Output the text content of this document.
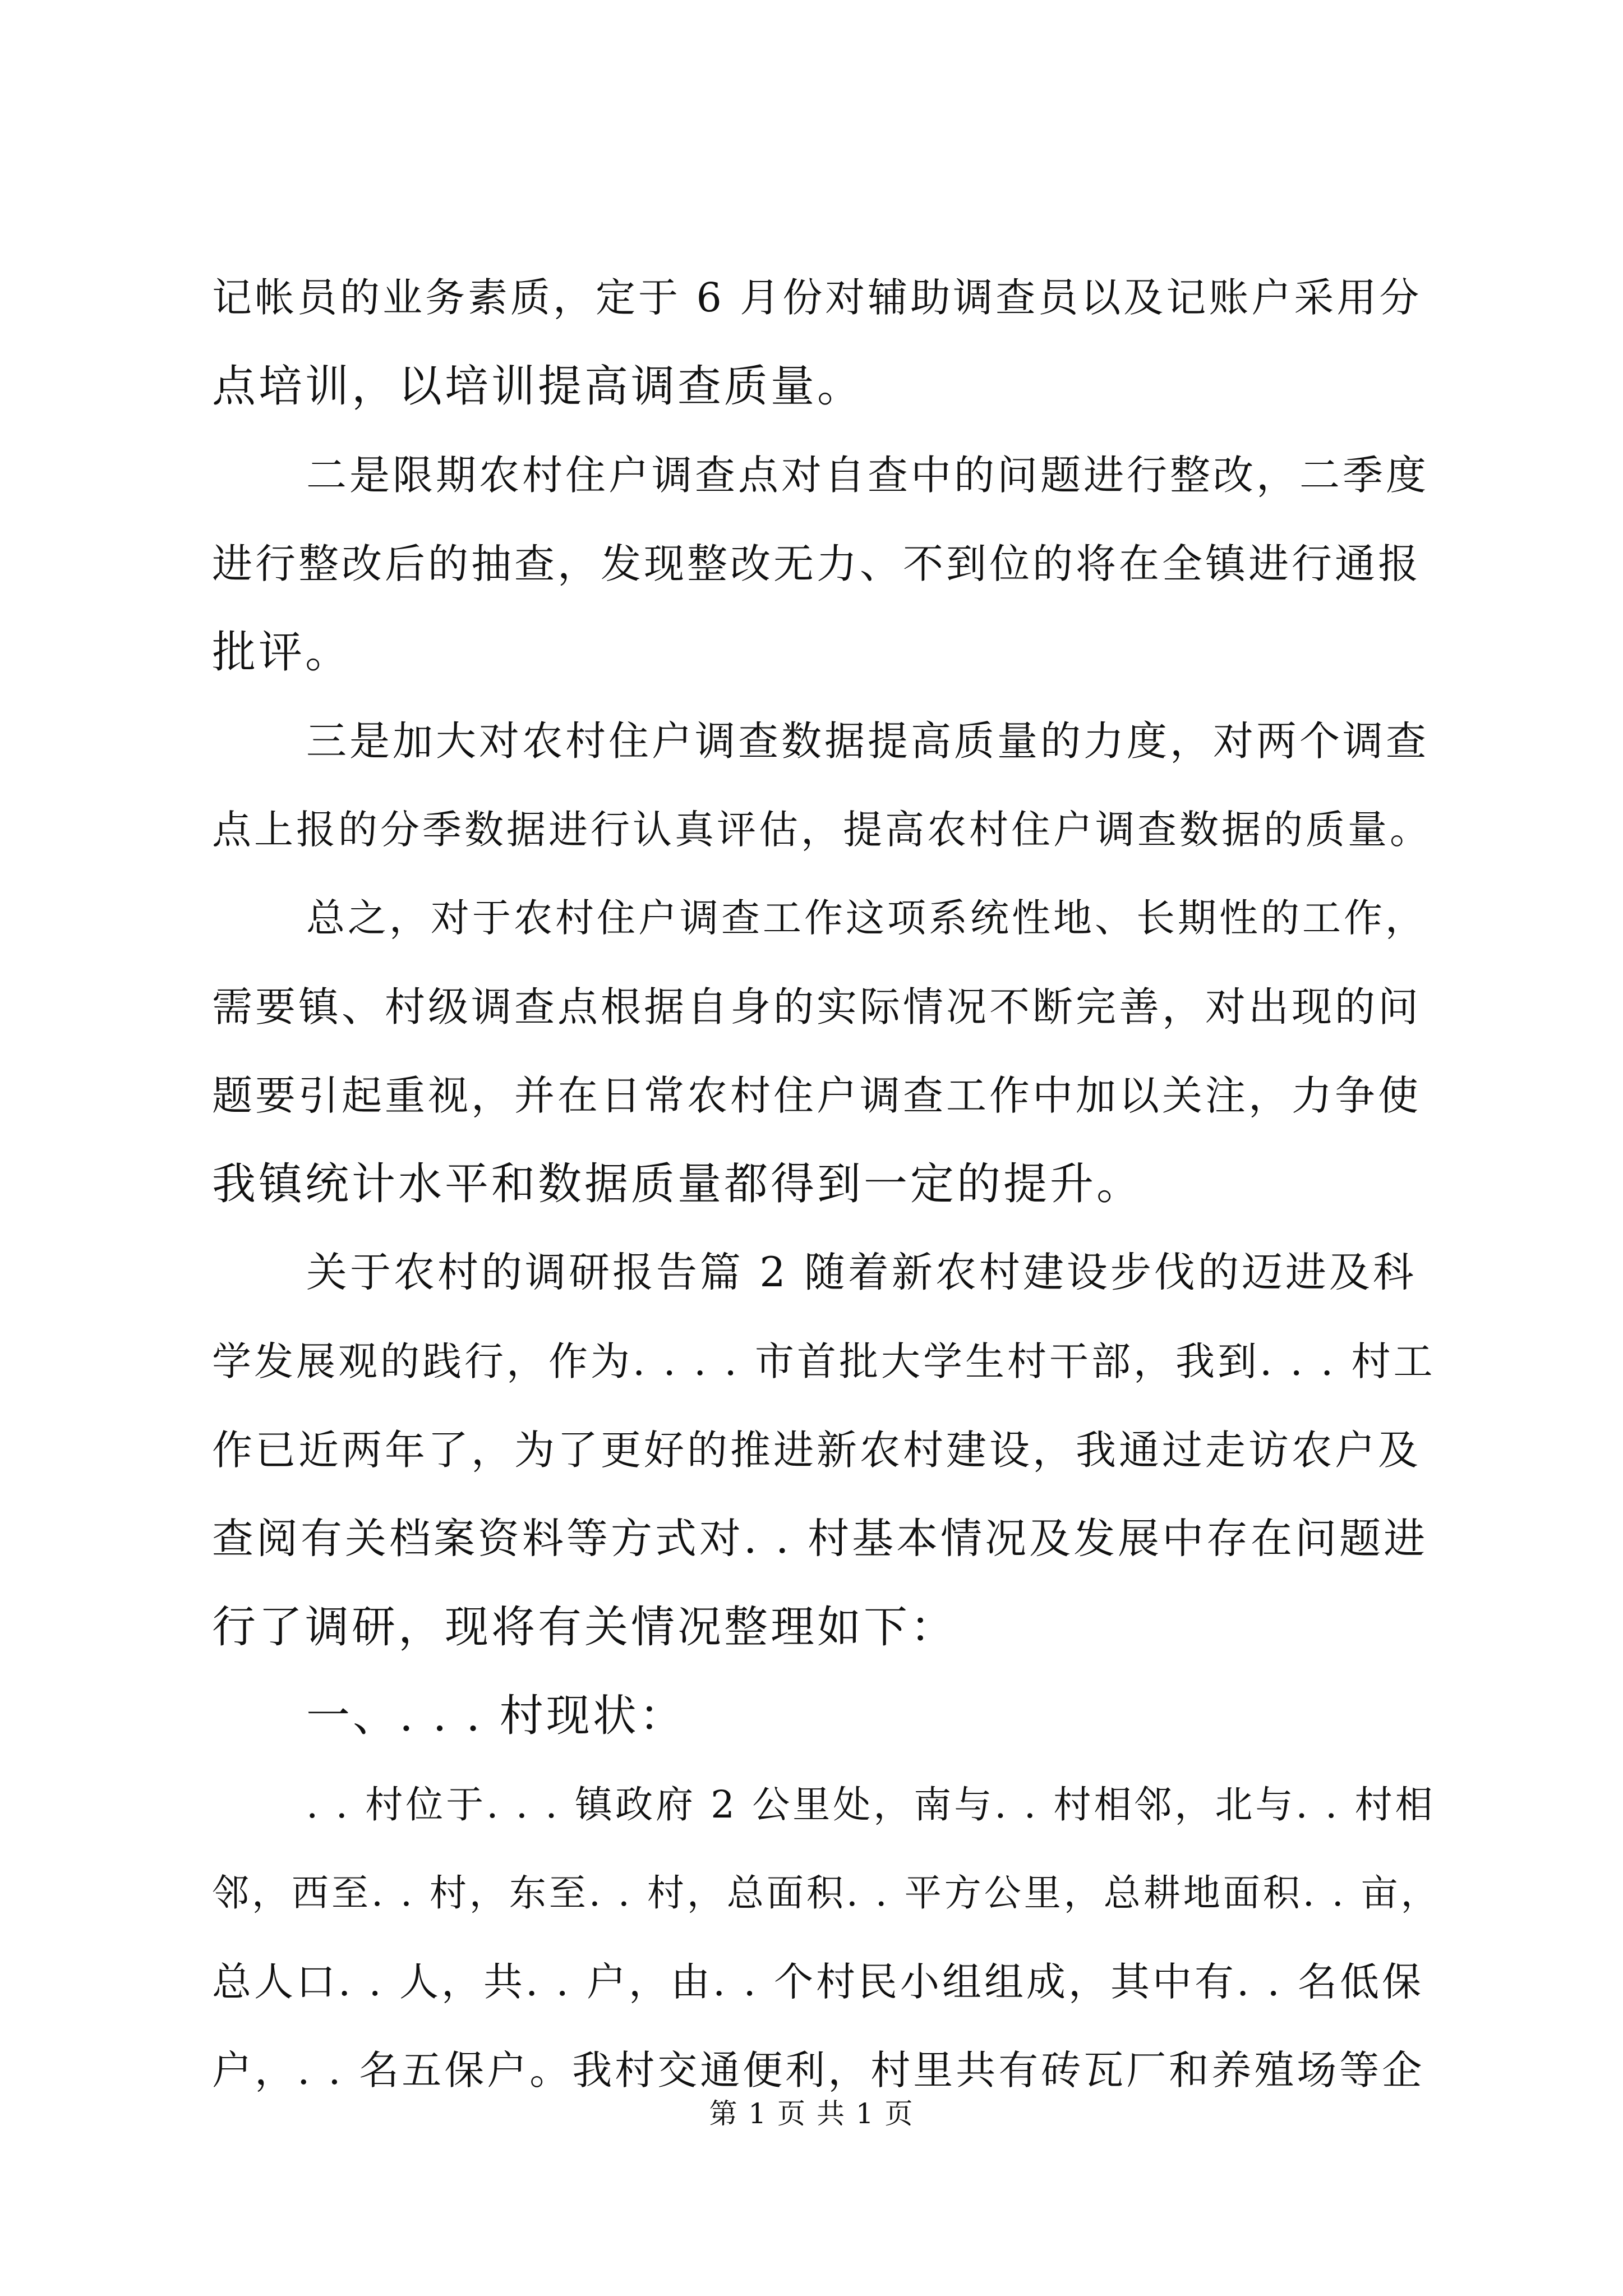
记帐员的业务素质，定于 6 月份对辅助调查员以及记账户采用分
点培训，以培训提高调查质量。
二是限期农村住户调查点对自查中的问题进行整改，二季度
进行整改后的抽查，发现整改无力、不到位的将在全镇进行通报
批评。
三是加大对农村住户调查数据提高质量的力度，对两个调查
点上报的分季数据进行认真评估，提高农村住户调查数据的质量。
总之，对于农村住户调查工作这项系统性地、长期性的工作，
需要镇、村级调查点根据自身的实际情况不断完善，对出现的问
题要引起重视，并在日常农村住户调查工作中加以关注，力争使
我镇统计水平和数据质量都得到一定的提升。
关于农村的调研报告篇 2 随着新农村建设步伐的迈进及科
学发展观的践行，作为. . . . 市首批大学生村干部，我到. . . 村工
作已近两年了，为了更好的推进新农村建设，我通过走访农户及
查阅有关档案资料等方式对. . 村基本情况及发展中存在问题进
行了调研，现将有关情况整理如下：
一、. . . 村现状：
. . 村位于. . . 镇政府 2 公里处，南与. . 村相邻，北与. . 村相
邻，西至. . 村，东至. . 村，总面积. . 平方公里，总耕地面积. . 亩，
总人口. . 人，共. . 户，由. . 个村民小组组成，其中有. . 名低保
户，. . 名五保户。我村交通便利，村里共有砖瓦厂和养殖场等企
第 1 页 共 1 页
